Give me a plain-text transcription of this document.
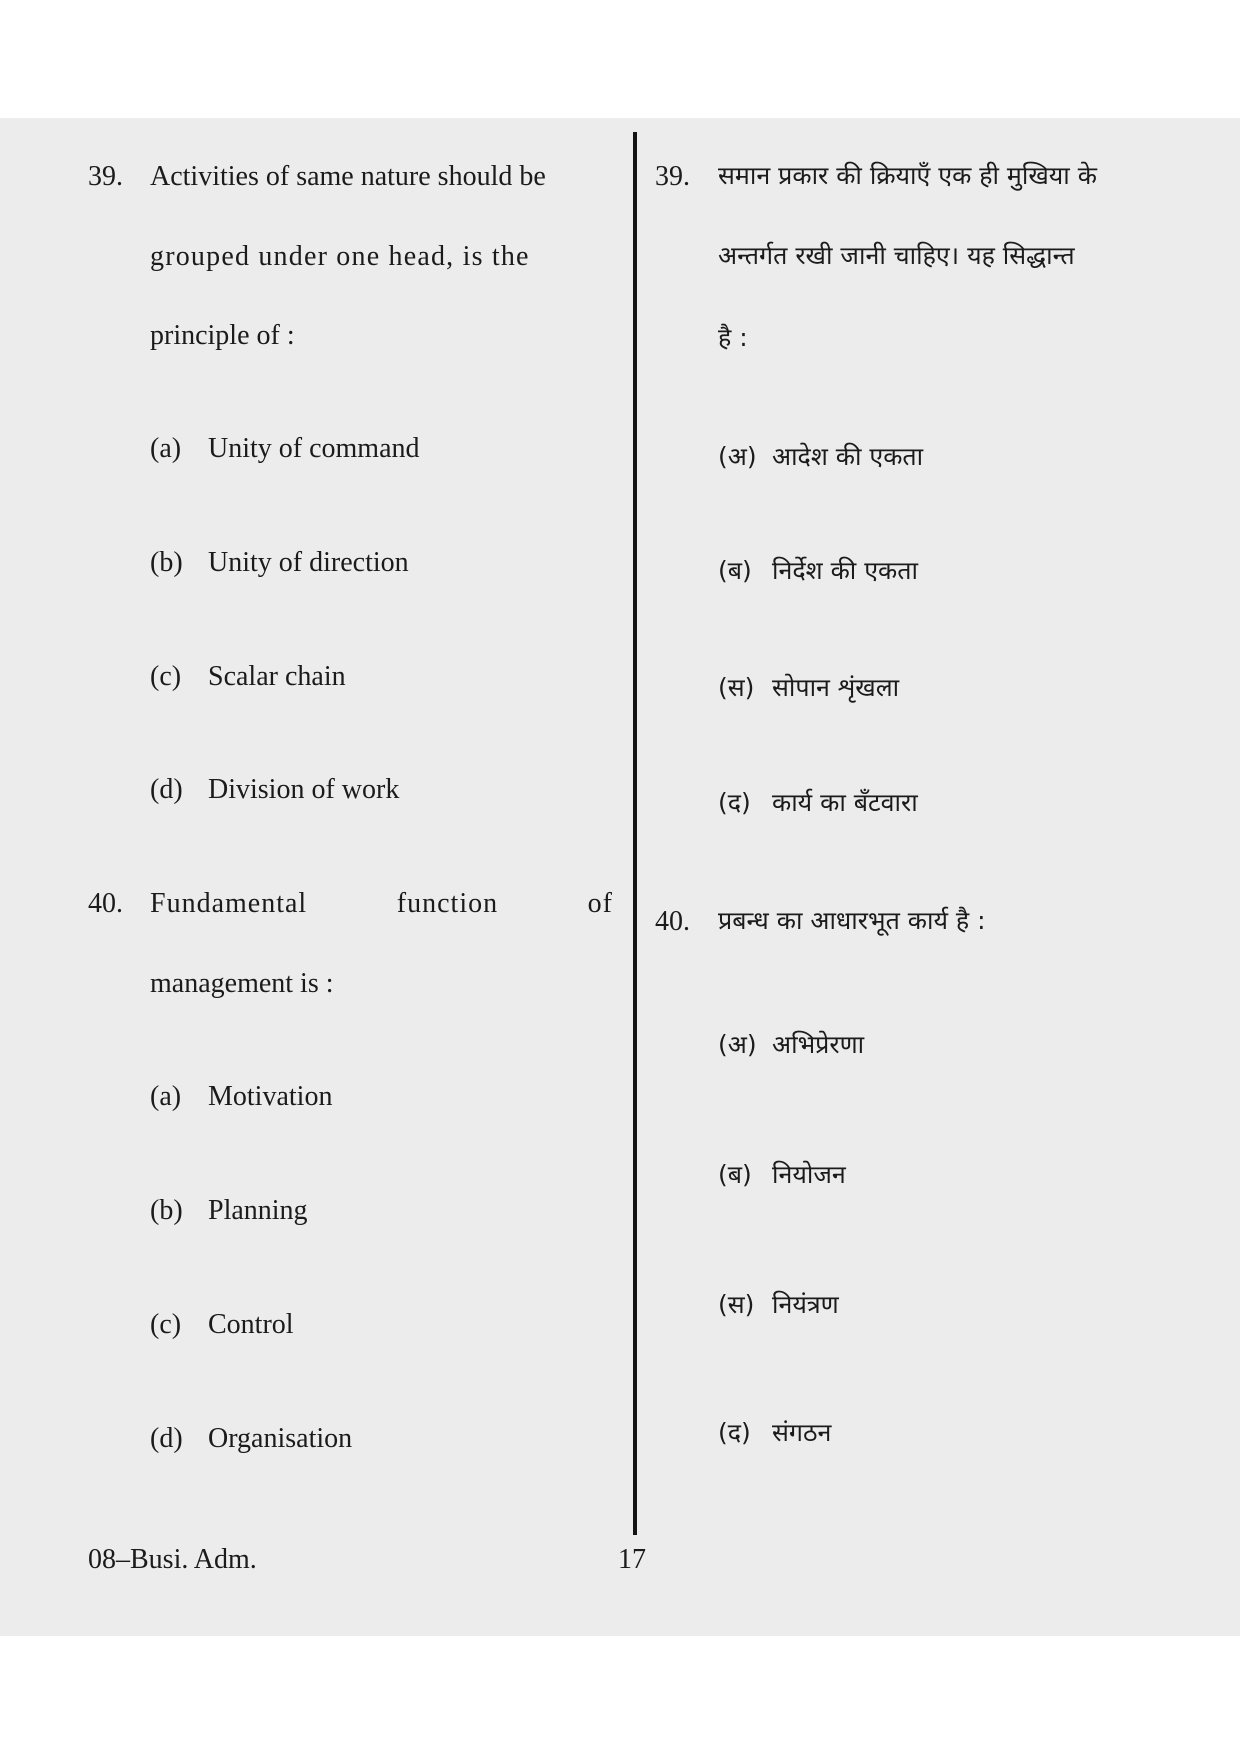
39. Activities of same nature should be
grouped under one head, is the
principle of :
(a) Unity of command
(b) Unity of direction
(c) Scalar chain
(d) Division of work
40. Fundamental	function	of
management is :
(a) Motivation
(b) Planning
(c) Control
(d) Organisation
39. समान प्रकार की क्रियाएँ एक ही मुखिया के
अन्तर्गत रखी जानी चाहिए। यह सिद्धान्त
है :
(अ) आदेश की एकता
(ब) निर्देश की एकता
(स) सोपान शृंखला
(द) कार्य का बँटवारा
40. प्रबन्ध का आधारभूत कार्य है :
(अ) अभिप्रेरणा
(ब) नियोजन
(स) नियंत्रण
(द) संगठन
08–Busi. Adm.	17
